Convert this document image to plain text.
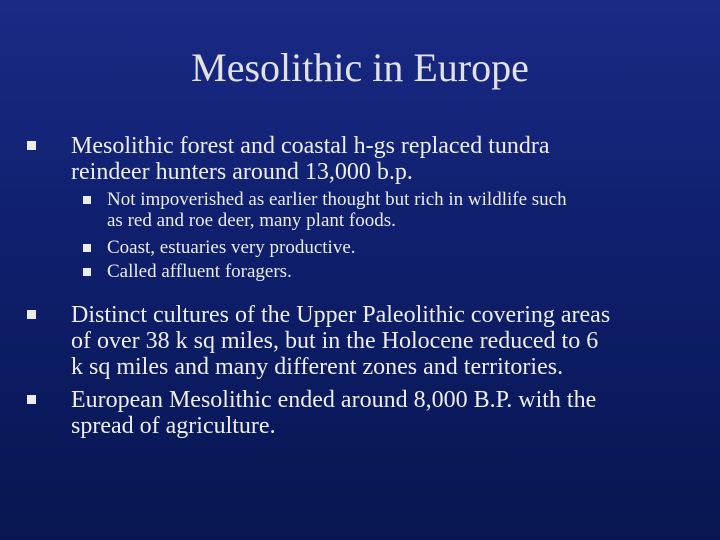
Mesolithic in Europe
Mesolithic forest and coastal h-gs replaced tundra
reindeer hunters around 13,000 b.p.
Not impoverished as earlier thought but rich in wildlife such
as red and roe deer, many plant foods.
Coast, estuaries very productive.
Called affluent foragers.
Distinct cultures of the Upper Paleolithic covering areas
of over 38 k sq miles, but in the Holocene reduced to 6
k sq miles and many different zones and territories.
European Mesolithic ended around 8,000 B.P. with the
spread of agriculture.
